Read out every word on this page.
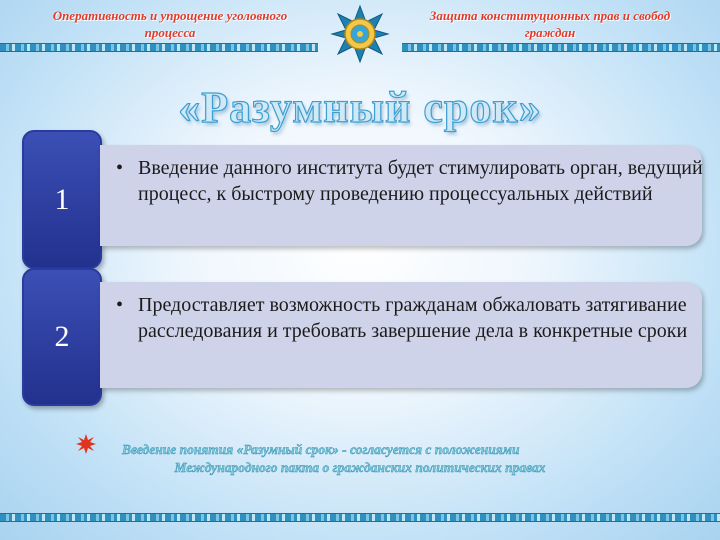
Оперативность и упрощение уголовного процесса
Защита конституционных прав и свобод граждан
«Разумный срок»
1
• Введение данного института будет стимулировать орган, ведущий процесс, к быстрому проведению процессуальных действий
2
• Предоставляет возможность гражданам обжаловать затягивание расследования и требовать завершение дела в конкретные сроки
Введение понятия «Разумный срок» - согласуется с положениями
Международного пакта о гражданских политических правах
